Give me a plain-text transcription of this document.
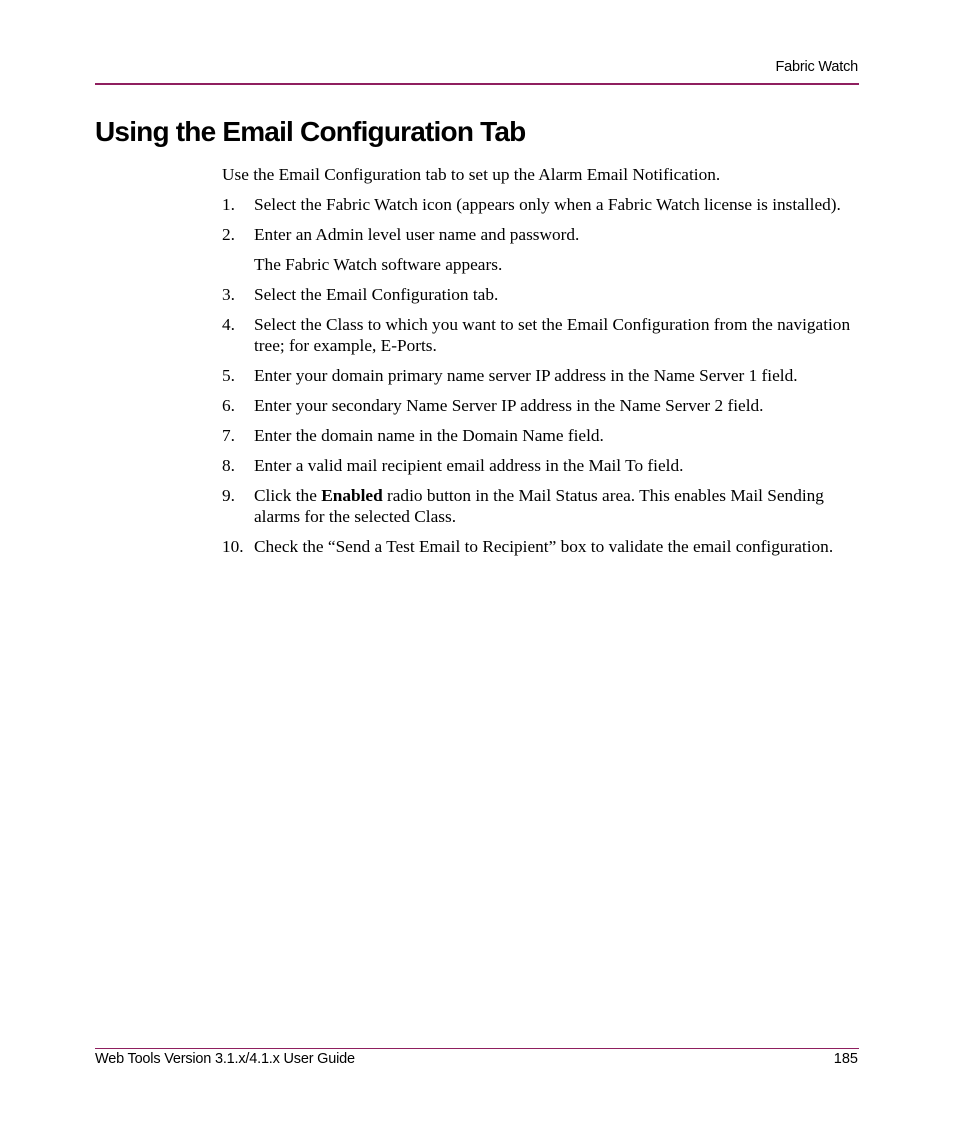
Fabric Watch
Using the Email Configuration Tab

Use the Email Configuration tab to set up the Alarm Email Notification.

1. Select the Fabric Watch icon (appears only when a Fabric Watch license is installed).
2. Enter an Admin level user name and password.
The Fabric Watch software appears.
3. Select the Email Configuration tab.
4. Select the Class to which you want to set the Email Configuration from the navigation tree; for example, E-Ports.
5. Enter your domain primary name server IP address in the Name Server 1 field.
6. Enter your secondary Name Server IP address in the Name Server 2 field.
7. Enter the domain name in the Domain Name field.
8. Enter a valid mail recipient email address in the Mail To field.
9. Click the Enabled radio button in the Mail Status area. This enables Mail Sending alarms for the selected Class.
10. Check the “Send a Test Email to Recipient” box to validate the email configuration.
Web Tools Version 3.1.x/4.1.x User Guide	185
